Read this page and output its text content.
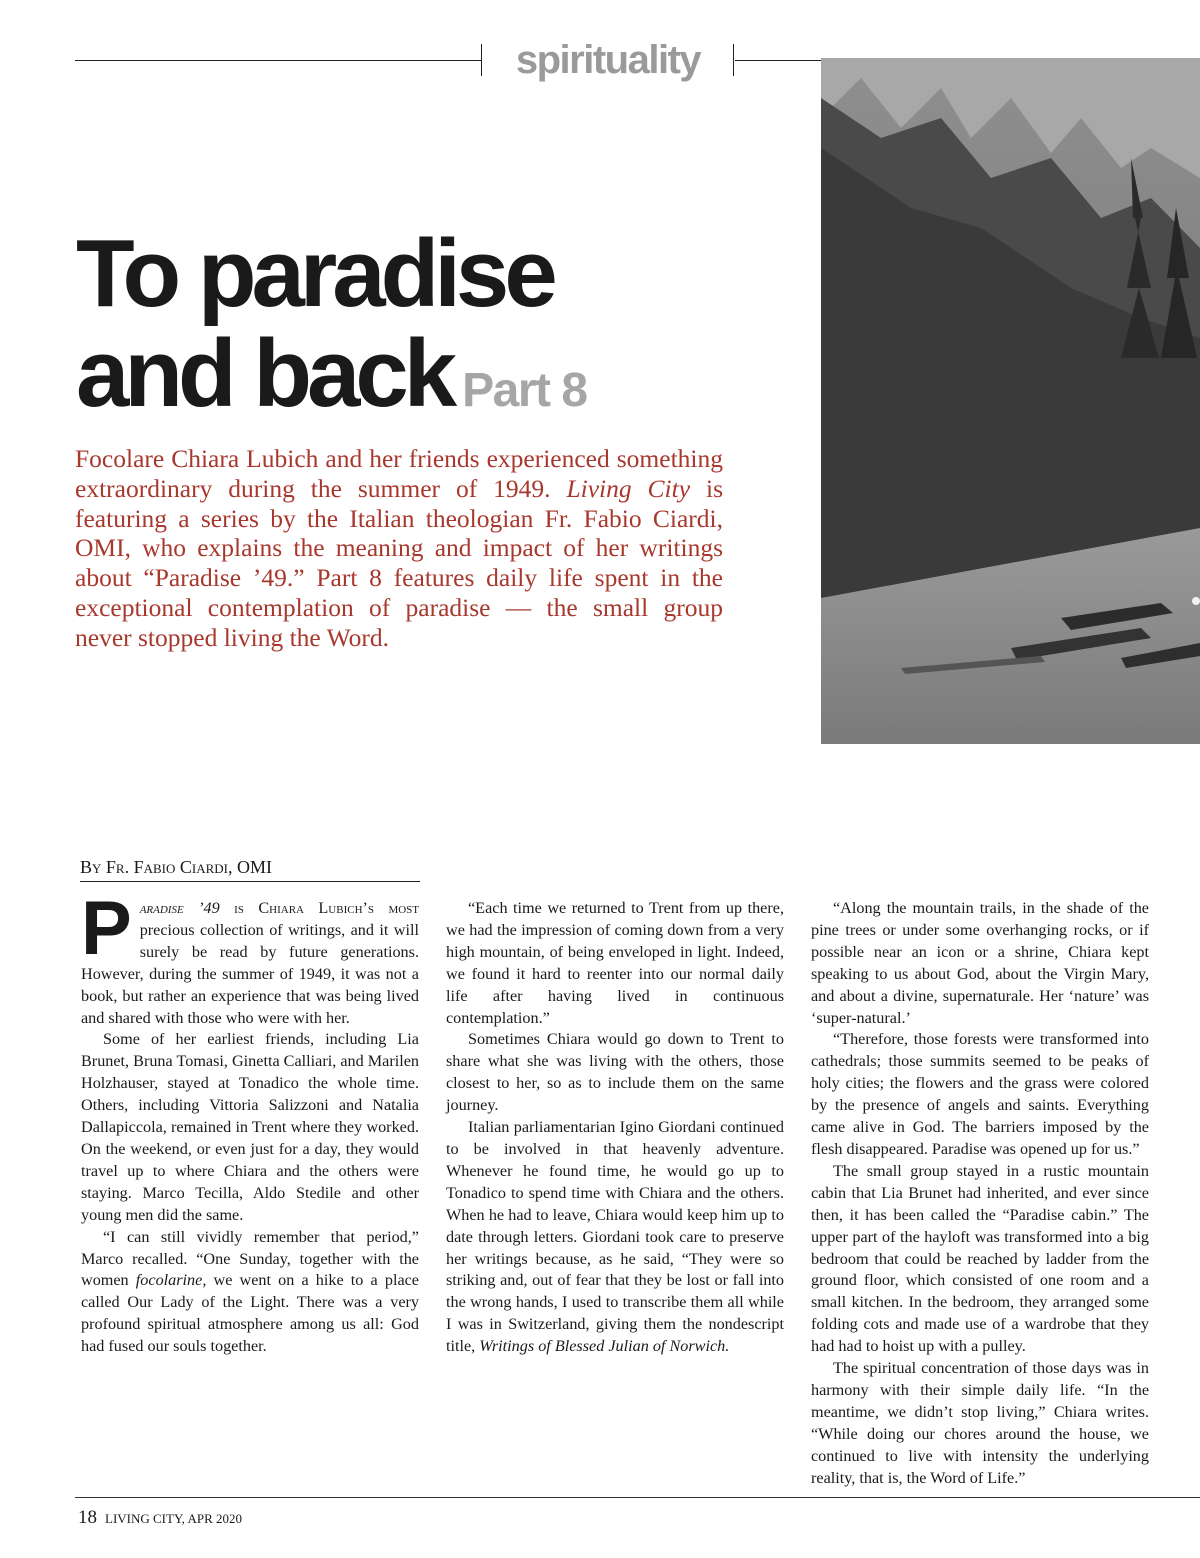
spirituality
To paradise
and back Part 8
Focolare Chiara Lubich and her friends experienced something extraordinary during the summer of 1949. Living City is featuring a series by the Italian theologian Fr. Fabio Ciardi, OMI, who explains the meaning and impact of her writings about “Paradise ’49.” Part 8 features daily life spent in the exceptional contemplation of paradise — the small group never stopped living the Word.
By Fr. Fabio Ciardi, OMI

Paradise ’49 is Chiara Lubich’s most precious collection of writings, and it will surely be read by future generations. However, during the summer of 1949, it was not a book, but rather an experience that was being lived and shared with those who were with her.

Some of her earliest friends, including Lia Brunet, Bruna Tomasi, Ginetta Calliari, and Marilen Holzhauser, stayed at Tonadico the whole time. Others, including Vittoria Salizzoni and Natalia Dallapiccola, remained in Trent where they worked. On the weekend, or even just for a day, they would travel up to where Chiara and the others were staying. Marco Tecilla, Aldo Stedile and other young men did the same.

“I can still vividly remember that period,” Marco recalled. “One Sunday, together with the women focolarine, we went on a hike to a place called Our Lady of the Light. There was a very profound spiritual atmosphere among us all: God had fused our souls together.

“Each time we returned to Trent from up there, we had the impression of coming down from a very high mountain, of being enveloped in light. Indeed, we found it hard to reenter into our normal daily life after having lived in continuous contemplation.”

Sometimes Chiara would go down to Trent to share what she was living with the others, those closest to her, so as to include them on the same journey.

Italian parliamentarian Igino Giordani continued to be involved in that heavenly adventure. Whenever he found time, he would go up to Tonadico to spend time with Chiara and the others. When he had to leave, Chiara would keep him up to date through letters. Giordani took care to preserve her writings because, as he said, “They were so striking and, out of fear that they be lost or fall into the wrong hands, I used to transcribe them all while I was in Switzerland, giving them the nondescript title, Writings of Blessed Julian of Norwich.

“Along the mountain trails, in the shade of the pine trees or under some overhanging rocks, or if possible near an icon or a shrine, Chiara kept speaking to us about God, about the Virgin Mary, and about a divine, supernaturale. Her ‘nature’ was ‘super-natural.’

“Therefore, those forests were transformed into cathedrals; those summits seemed to be peaks of holy cities; the flowers and the grass were colored by the presence of angels and saints. Everything came alive in God. The barriers imposed by the flesh disappeared. Paradise was opened up for us.”

The small group stayed in a rustic mountain cabin that Lia Brunet had inherited, and ever since then, it has been called the “Paradise cabin.” The upper part of the hayloft was transformed into a big bedroom that could be reached by ladder from the ground floor, which consisted of one room and a small kitchen. In the bedroom, they arranged some folding cots and made use of a wardrobe that they had had to hoist up with a pulley.

The spiritual concentration of those days was in harmony with their simple daily life. “In the meantime, we didn’t stop living,” Chiara writes. “While doing our chores around the house, we continued to live with intensity the underlying reality, that is, the Word of Life.”

18 LIVING CITY, APR 2020
